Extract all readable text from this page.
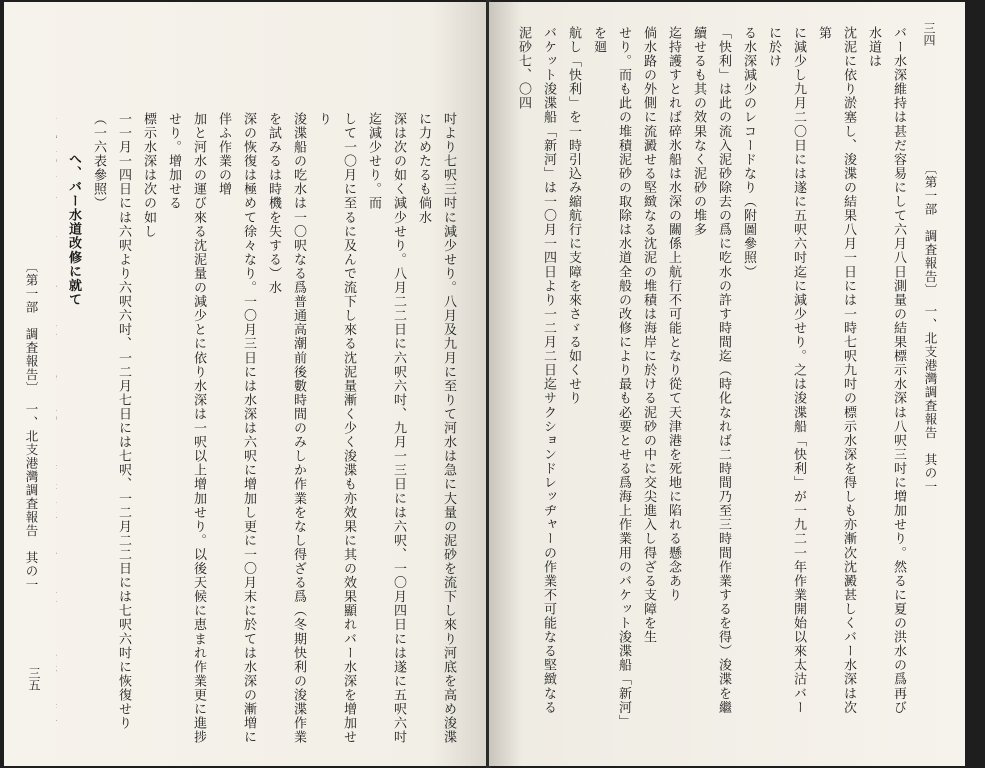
〔第一部　調査報告〕　一、北支港灣調査報告　其の一
三五	吋より七呎三吋に減少せり。八月及九月に至りて河水は急に大量の泥砂を流下し來り河底を高め浚渫に力めたるも倘水
深は次の如く減少せり。八月二二日に六呎六吋、九月一三日には六呎、一〇月四日には遂に五呎六吋迄減少せり。而
して一〇月に至るに及んで流下し來る沈泥量漸く少く浚渫も亦效果に其の效果顯れバー水深を增加せり
浚渫船の吃水は一〇呎なる爲普通高潮前後數時間のみしか作業をなし得ざる爲（冬期快利の浚渫作業を試みるは時機を失する）水
深の恢復は極めて徐々なり。一〇月三日には水深は六呎に增加し更に一〇月末に於ては水深の漸増に伴ふ作業の增
加と河水の運び來る沈泥量の減少とに依り水深は一呎以上增加せり。以後天候に恵まれ作業更に進捗せり。增加せる
標示水深は次の如し
一一月一四日には六呎より六呎六吋、一二月七日には七呎、一二月二二日には七呎六吋に恢復せり（一六表參照）
へ、バー水道改修に就て
三四
〔第一部　調査報告〕　一、北支港灣調査報告　其の一
バー水深維持は甚だ容易にして六月八日測量の結果標示水深は八呎三吋に増加せり。然るに夏の洪水の爲再び水道は
沈泥に依り淤塞し、浚渫の結果八月一日には一時七呎九吋の標示水深を得しも亦漸次沈澱甚しくバー水深は次第
に減少し九月二〇日には遂に五呎六吋迄に減少せり。之は浚渫船「快利」が一九二一年作業開始以來太沽バーに於け
る水深減少のレコードなり（附圖參照）
「快利」は此の流入泥砂除去の爲に吃水の許す時間迄（時化なれば二時間乃至三時間作業するを得）浚渫を繼續せるも其の效果なく泥砂の堆多
迄持護すとれば碎氷船は水深の關係上航行不可能となり從て天津港を死地に陷れる懸念あり
倘水路の外側に流澱せる堅緻なる沈泥の堆積は海岸に於ける泥砂の中に交尖進入し得ざる支障を生
せり。而も此の堆積泥砂の取除は水道全般の改修により最も必要とせる爲海上作業用のバケット浚渫船「新河」を廻
航し「快利」を一時引込み縮航行に支障を來さゞる如くせり
バケット浚渫船「新河」は一〇月一四日より一二月二日迄サクションドレッヂャーの作業不可能なる堅緻なる泥砂七、〇四
